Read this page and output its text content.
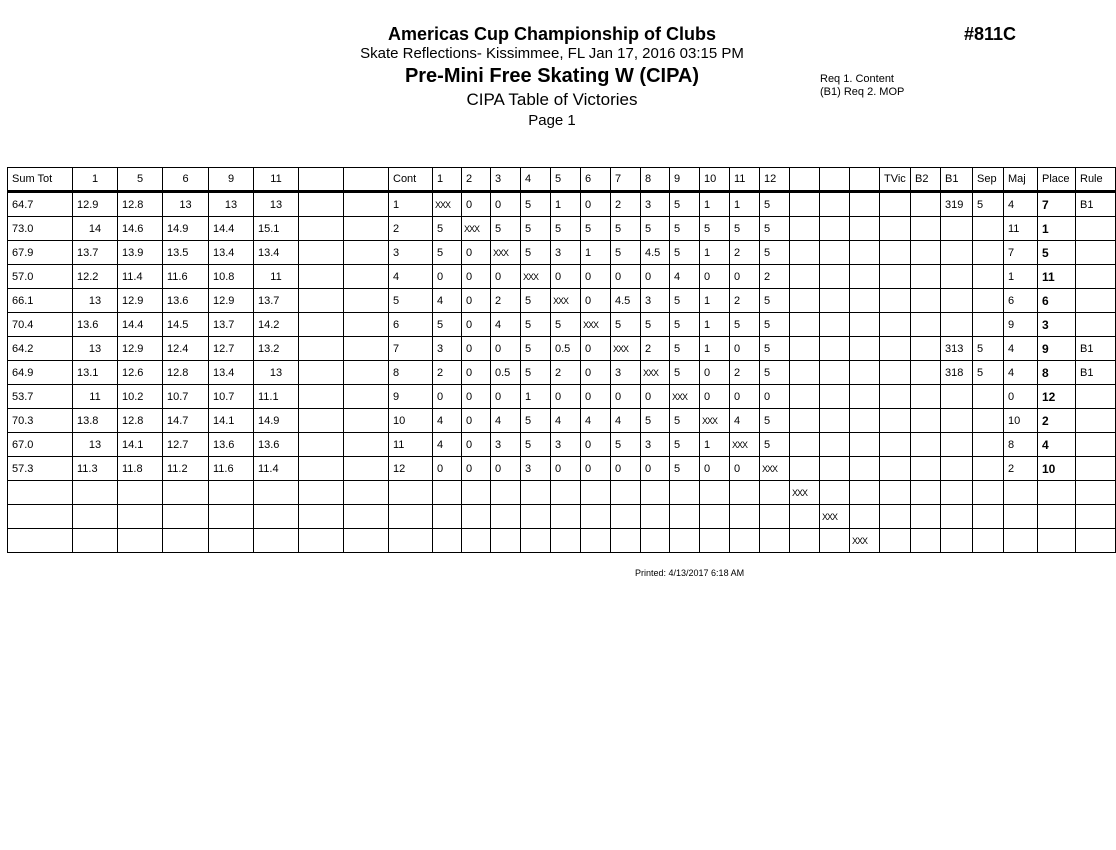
Americas Cup Championship of Clubs
Skate Reflections- Kissimmee, FL Jan 17, 2016 03:15 PM
Pre-Mini Free Skating W (CIPA)
CIPA Table of Victories
Page 1
#811C
Req 1. Content
(B1) Req 2. MOP
Sum Tot	1	5	6	9	11			Cont	1	2	3	4	5	6	7	8	9	10	11	12				TVic	B2	B1	Sep	Maj	Place	Rule
64.7	12.9	12.8	13	13	13			1	XXX	0	0	5	1	0	2	3	5	1	1	5						319	5	4	7	B1
73.0	14	14.6	14.9	14.4	15.1			2	5	XXX	5	5	5	5	5	5	5	5	5	5								11	1	
67.9	13.7	13.9	13.5	13.4	13.4			3	5	0	XXX	5	3	1	5	4.5	5	1	2	5								7	5	
57.0	12.2	11.4	11.6	10.8	11			4	0	0	0	XXX	0	0	0	0	4	0	0	2								1	11	
66.1	13	12.9	13.6	12.9	13.7			5	4	0	2	5	XXX	0	4.5	3	5	1	2	5								6	6	
70.4	13.6	14.4	14.5	13.7	14.2			6	5	0	4	5	5	XXX	5	5	5	1	5	5								9	3	
64.2	13	12.9	12.4	12.7	13.2			7	3	0	0	5	0.5	0	XXX	2	5	1	0	5						313	5	4	9	B1
64.9	13.1	12.6	12.8	13.4	13			8	2	0	0.5	5	2	0	3	XXX	5	0	2	5						318	5	4	8	B1
53.7	11	10.2	10.7	10.7	11.1			9	0	0	0	1	0	0	0	0	XXX	0	0	0								0	12	
70.3	13.8	12.8	14.7	14.1	14.9			10	4	0	4	5	4	4	4	5	5	XXX	4	5								10	2	
67.0	13	14.1	12.7	13.6	13.6			11	4	0	3	5	3	0	5	3	5	1	XXX	5								8	4	
57.3	11.3	11.8	11.2	11.6	11.4			12	0	0	0	3	0	0	0	0	5	0	0	XXX								2	10	
																					XXX									
																						XXX								
																							XXX							
Printed: 4/13/2017 6:18 AM
